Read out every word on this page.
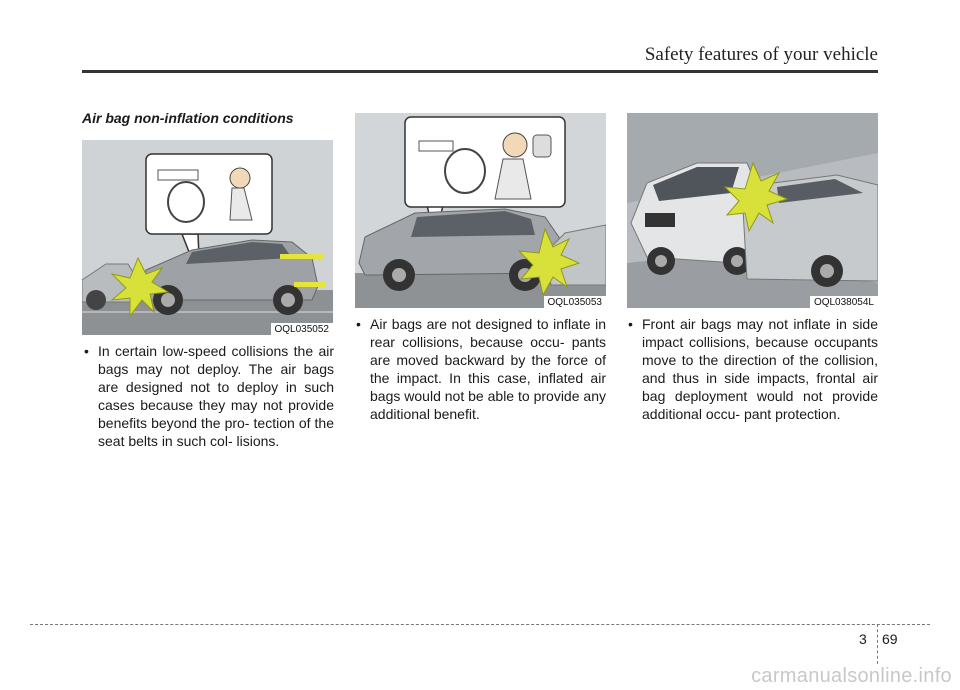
Safety features of your vehicle
Air bag non-inflation conditions
OQL035052
OQL035053	OQL038054L
• In certain low-speed collisions the air bags may not deploy. The air bags are designed not to deploy in such cases because they may not provide benefits beyond the pro- tection of the seat belts in such col- lisions.
• Air bags are not designed to inflate in rear collisions, because occu- pants are moved backward by the force of the impact. In this case, inflated air bags would not be able to provide any additional benefit.
• Front air bags may not inflate in side impact collisions, because occupants move to the direction of the collision, and thus in side impacts, frontal air bag deployment would not provide additional occu- pant protection.
3 69
carmanualsonline.info
